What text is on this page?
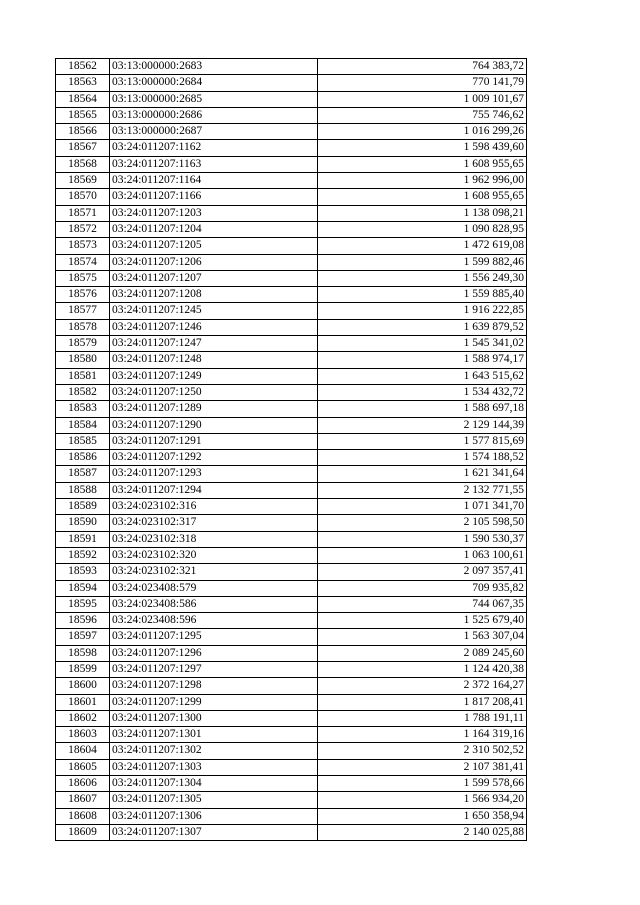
18562	03:13:000000:2683	764 383,72
18563	03:13:000000:2684	770 141,79
18564	03:13:000000:2685	1 009 101,67
18565	03:13:000000:2686	755 746,62
18566	03:13:000000:2687	1 016 299,26
18567	03:24:011207:1162	1 598 439,60
18568	03:24:011207:1163	1 608 955,65
18569	03:24:011207:1164	1 962 996,00
18570	03:24:011207:1166	1 608 955,65
18571	03:24:011207:1203	1 138 098,21
18572	03:24:011207:1204	1 090 828,95
18573	03:24:011207:1205	1 472 619,08
18574	03:24:011207:1206	1 599 882,46
18575	03:24:011207:1207	1 556 249,30
18576	03:24:011207:1208	1 559 885,40
18577	03:24:011207:1245	1 916 222,85
18578	03:24:011207:1246	1 639 879,52
18579	03:24:011207:1247	1 545 341,02
18580	03:24:011207:1248	1 588 974,17
18581	03:24:011207:1249	1 643 515,62
18582	03:24:011207:1250	1 534 432,72
18583	03:24:011207:1289	1 588 697,18
18584	03:24:011207:1290	2 129 144,39
18585	03:24:011207:1291	1 577 815,69
18586	03:24:011207:1292	1 574 188,52
18587	03:24:011207:1293	1 621 341,64
18588	03:24:011207:1294	2 132 771,55
18589	03:24:023102:316	1 071 341,70
18590	03:24:023102:317	2 105 598,50
18591	03:24:023102:318	1 590 530,37
18592	03:24:023102:320	1 063 100,61
18593	03:24:023102:321	2 097 357,41
18594	03:24:023408:579	709 935,82
18595	03:24:023408:586	744 067,35
18596	03:24:023408:596	1 525 679,40
18597	03:24:011207:1295	1 563 307,04
18598	03:24:011207:1296	2 089 245,60
18599	03:24:011207:1297	1 124 420,38
18600	03:24:011207:1298	2 372 164,27
18601	03:24:011207:1299	1 817 208,41
18602	03:24:011207:1300	1 788 191,11
18603	03:24:011207:1301	1 164 319,16
18604	03:24:011207:1302	2 310 502,52
18605	03:24:011207:1303	2 107 381,41
18606	03:24:011207:1304	1 599 578,66
18607	03:24:011207:1305	1 566 934,20
18608	03:24:011207:1306	1 650 358,94
18609	03:24:011207:1307	2 140 025,88
